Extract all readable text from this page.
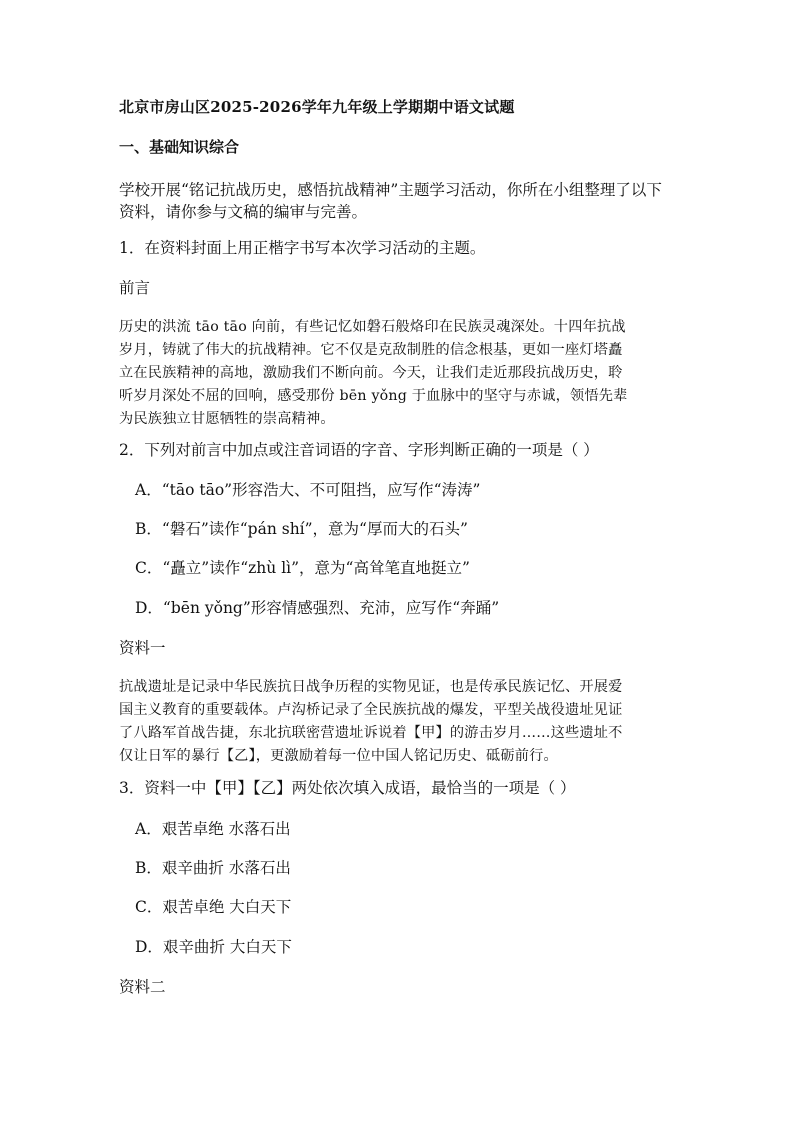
北京市房山区2025-2026学年九年级上学期期中语文试题
一、基础知识综合
学校开展“铭记抗战历史，感悟抗战精神”主题学习活动，你所在小组整理了以下
资料，请你参与文稿的编审与完善。
1．在资料封面上用正楷字书写本次学习活动的主题。
前言
历史的洪流 tāo tāo 向前，有些记忆如磐石般烙印在民族灵魂深处。十四年抗战
岁月，铸就了伟大的抗战精神。它不仅是克敌制胜的信念根基，更如一座灯塔矗
立在民族精神的高地，激励我们不断向前。今天，让我们走近那段抗战历史，聆
听岁月深处不屈的回响，感受那份 bēn yǒng 于血脉中的坚守与赤诚，领悟先辈
为民族独立甘愿牺牲的崇高精神。
2．下列对前言中加点或注音词语的字音、字形判断正确的一项是（ ）
A．“tāo tāo”形容浩大、不可阻挡，应写作“涛涛”
B．“磐石”读作“pán shí”，意为“厚而大的石头”
C．“矗立”读作“zhù lì”，意为“高耸笔直地挺立”
D．“bēn yǒng”形容情感强烈、充沛，应写作“奔踊”
资料一
抗战遗址是记录中华民族抗日战争历程的实物见证，也是传承民族记忆、开展爱
国主义教育的重要载体。卢沟桥记录了全民族抗战的爆发，平型关战役遗址见证
了八路军首战告捷，东北抗联密营遗址诉说着【甲】的游击岁月……这些遗址不
仅让日军的暴行【乙】，更激励着每一位中国人铭记历史、砥砺前行。
3．资料一中【甲】【乙】两处依次填入成语，最恰当的一项是（ ）
A．艰苦卓绝 水落石出
B．艰辛曲折 水落石出
C．艰苦卓绝 大白天下
D．艰辛曲折 大白天下
资料二
